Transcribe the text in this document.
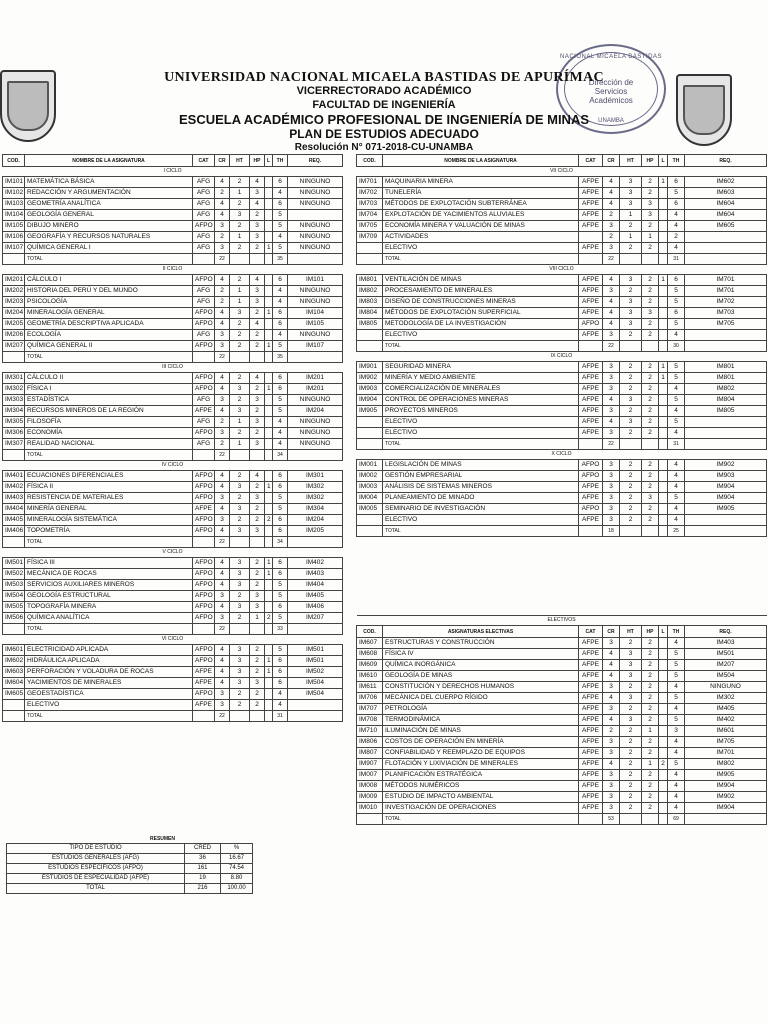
NACIONAL MICAELA BASTIDAS
Dirección de
Servicios
Académicos
UNAMBA
UNIVERSIDAD NACIONAL MICAELA BASTIDAS DE APURÍMAC
VICERRECTORADO ACADÉMICO
FACULTAD DE INGENIERÍA
ESCUELA ACADÉMICO PROFESIONAL DE INGENIERÍA DE MINAS
PLAN DE ESTUDIOS ADECUADO
Resolución N° 071-2018-CU-UNAMBA
COD.	NOMBRE DE LA ASIGNATURA	CAT	CR	HT	HP	L	TH	REQ.
I CICLO								
IM101	MATEMÁTICA BÁSICA	AFG	4	2	4		6	NINGUNO
IM102	REDACCIÓN Y ARGUMENTACIÓN	AFG	2	1	3		4	NINGUNO
IM103	GEOMETRÍA ANALÍTICA	AFG	4	2	4		6	NINGUNO
IM104	GEOLOGÍA GENERAL	AFG	4	3	2		5	
IM105	DIBUJO MINERO	AFPO	3	2	3		5	NINGUNO
IM106	GEOGRAFÍA Y RECURSOS NATURALES	AFG	2	1	3		4	NINGUNO
IM107	QUÍMICA GENERAL I	AFG	3	2	2	1	5	NINGUNO
	TOTAL		22				35	
II CICLO								
IM201	CÁLCULO I	AFPO	4	2	4		6	IM101
IM202	HISTORIA DEL PERÚ Y DEL MUNDO	AFG	2	1	3		4	NINGUNO
IM203	PSICOLOGÍA	AFG	2	1	3		4	NINGUNO
IM204	MINERALOGÍA GENERAL	AFPO	4	3	2	1	6	IM104
IM205	GEOMETRÍA DESCRIPTIVA APLICADA	AFPO	4	2	4		6	IM105
IM206	ECOLOGÍA	AFG	3	2	2		4	NINGUNO
IM207	QUÍMICA GENERAL II	AFPO	3	2	2	1	5	IM107
	TOTAL		22				35	
III CICLO								
IM301	CÁLCULO II	AFPO	4	2	4		6	IM201
IM302	FÍSICA I	AFPO	4	3	2	1	6	IM201
IM303	ESTADÍSTICA	AFG	3	2	3		5	NINGUNO
IM304	RECURSOS MINEROS DE LA REGIÓN	AFPE	4	3	2		5	IM204
IM305	FILOSOFÍA	AFG	2	1	3		4	NINGUNO
IM306	ECONOMÍA	AFPO	3	2	2		4	NINGUNO
IM307	REALIDAD NACIONAL	AFG	2	1	3		4	NINGUNO
	TOTAL		22				34	
IV CICLO								
IM401	ECUACIONES DIFERENCIALES	AFPO	4	2	4		6	IM301
IM402	FÍSICA II	AFPO	4	3	2	1	6	IM302
IM403	RESISTENCIA DE MATERIALES	AFPO	3	2	3		5	IM302
IM404	MINERÍA GENERAL	AFPE	4	3	2		5	IM304
IM405	MINERALOGÍA SISTEMÁTICA	AFPO	3	2	2	2	6	IM204
IM406	TOPOMETRÍA	AFPO	4	3	3		6	IM205
	TOTAL		22				34	
V CICLO								
IM501	FÍSICA III	AFPO	4	3	2	1	6	IM402
IM502	MECÁNICA DE ROCAS	AFPO	4	3	2	1	6	IM403
IM503	SERVICIOS AUXILIARES MINEROS	AFPO	4	3	2		5	IM404
IM504	GEOLOGÍA ESTRUCTURAL	AFPO	3	2	3		5	IM405
IM505	TOPOGRAFÍA MINERA	AFPO	4	3	3		6	IM406
IM506	QUÍMICA ANALÍTICA	AFPO	3	2	1	2	5	IM207
	TOTAL		22				33	
VI CICLO								
IM601	ELECTRICIDAD APLICADA	AFPO	4	3	2		5	IM501
IM602	HIDRÁULICA APLICADA	AFPO	4	3	2	1	6	IM501
IM603	PERFORACIÓN Y VOLADURA DE ROCAS	AFPE	4	3	2	1	6	IM502
IM604	YACIMIENTOS DE MINERALES	AFPE	4	3	3		6	IM504
IM605	GEOESTADÍSTICA	AFPO	3	2	2		4	IM504
	ELECTIVO	AFPE	3	2	2		4	
	TOTAL		22				31	
COD.	NOMBRE DE LA ASIGNATURA	CAT	CR	HT	HP	L	TH	REQ.
VII CICLO								
IM701	MAQUINARIA MINERA	AFPE	4	3	2	1	6	IM602
IM702	TUNELERÍA	AFPE	4	3	2		5	IM603
IM703	MÉTODOS DE EXPLOTACIÓN SUBTERRÁNEA	AFPE	4	3	3		6	IM604
IM704	EXPLOTACIÓN DE YACIMIENTOS ALUVIALES	AFPE	2	1	3		4	IM604
IM705	ECONOMÍA MINERA Y VALUACIÓN DE MINAS	AFPE	3	2	2		4	IM605
IM709	ACTIVIDADES		2	1	1		2	
	ELECTIVO	AFPE	3	2	2		4	
	TOTAL		22				31	
VIII CICLO								
IM801	VENTILACIÓN DE MINAS	AFPE	4	3	2	1	6	IM701
IM802	PROCESAMIENTO DE MINERALES	AFPE	3	2	2		5	IM701
IM803	DISEÑO DE CONSTRUCCIONES MINERAS	AFPE	4	3	2		5	IM702
IM804	MÉTODOS DE EXPLOTACIÓN SUPERFICIAL	AFPE	4	3	3		6	IM703
IM805	METODOLOGÍA DE LA INVESTIGACIÓN	AFPO	4	3	2		5	IM705
	ELECTIVO	AFPE	3	2	2		4	
	TOTAL		22				30	
IX CICLO								
IM901	SEGURIDAD MINERA	AFPE	3	2	2	1	5	IM801
IM902	MINERÍA Y MEDIO AMBIENTE	AFPE	3	2	2	1	5	IM801
IM903	COMERCIALIZACIÓN DE MINERALES	AFPE	3	2	2		4	IM802
IM904	CONTROL DE OPERACIONES MINERAS	AFPE	4	3	2		5	IM804
IM905	PROYECTOS MINEROS	AFPE	3	2	2		4	IM805
	ELECTIVO	AFPE	4	3	2		5	
	ELECTIVO	AFPE	3	2	2		4	
	TOTAL		22				31	
X CICLO								
IM001	LEGISLACIÓN DE MINAS	AFPO	3	2	2		4	IM902
IM002	GESTIÓN EMPRESARIAL	AFPO	3	2	2		4	IM903
IM003	ANÁLISIS DE SISTEMAS MINEROS	AFPE	3	2	2		4	IM904
IM004	PLANEAMIENTO DE MINADO	AFPE	3	2	3		5	IM904
IM005	SEMINARIO DE INVESTIGACIÓN	AFPO	3	2	2		4	IM905
	ELECTIVO	AFPE	3	2	2		4	
	TOTAL		18				25	
ELECTIVOS								
COD.	ASIGNATURAS ELECTIVAS	CAT	CR	HT	HP	L	TH	REQ.
IM607	ESTRUCTURAS Y CONSTRUCCIÓN	AFPE	3	2	2		4	IM403
IM608	FÍSICA IV	AFPE	4	3	2		5	IM501
IM609	QUÍMICA INORGÁNICA	AFPE	4	3	2		5	IM207
IM610	GEOLOGÍA DE MINAS	AFPE	4	3	2		5	IM504
IM611	CONSTITUCIÓN Y DERECHOS HUMANOS	AFPE	3	2	2		4	NINGUNO
IM706	MECÁNICA DEL CUERPO RÍGIDO	AFPE	4	3	2		5	IM302
IM707	PETROLOGÍA	AFPE	3	2	2		4	IM405
IM708	TERMODINÁMICA	AFPE	4	3	2		5	IM402
IM710	ILUMINACIÓN DE MINAS	AFPE	2	2	1		3	IM601
IM806	COSTOS DE OPERACIÓN EN MINERÍA	AFPE	3	2	2		4	IM705
IM807	CONFIABILIDAD Y REEMPLAZO DE EQUIPOS	AFPE	3	2	2		4	IM701
IM907	FLOTACIÓN Y LIXIVIACIÓN DE MINERALES	AFPE	4	2	1	2	5	IM802
IM007	PLANIFICACIÓN ESTRATÉGICA	AFPE	3	2	2		4	IM905
IM008	MÉTODOS NUMÉRICOS	AFPE	3	2	2		4	IM904
IM009	ESTUDIO DE IMPACTO AMBIENTAL	AFPE	3	2	2		4	IM902
IM010	INVESTIGACIÓN DE OPERACIONES	AFPE	3	2	2		4	IM904
	TOTAL		53				69	
RESUMEN
TIPO DE ESTUDIO	CRED	%
ESTUDIOS GENERALES (AFG)	36	16.67
ESTUDIOS ESPECÍFICOS (AFPO)	161	74.54
ESTUDIOS DE ESPECIALIDAD (AFPE)	19	8.80
TOTAL	216	100.00
